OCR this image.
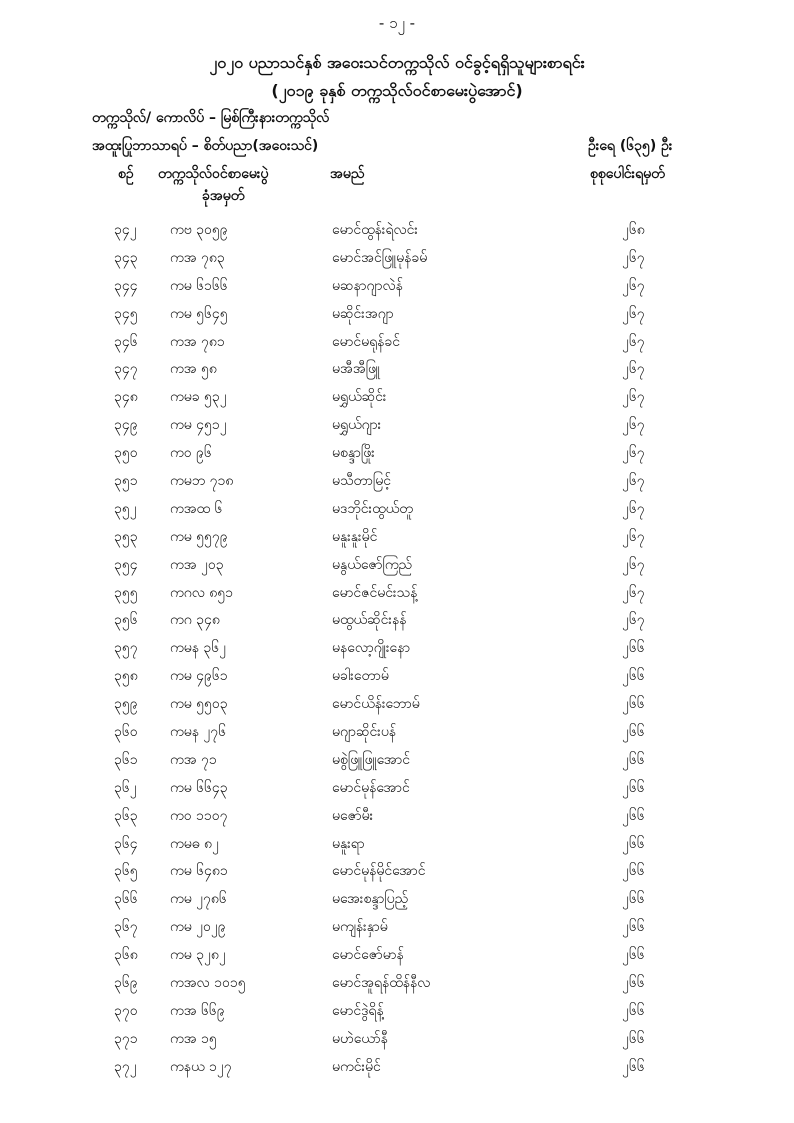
- ၁၂ -
၂၀၂၀ ပညာသင်နှစ် အဝေးသင်တက္ကသိုလ် ဝင်ခွင့်ရရှိသူများစာရင်း
(၂၀၁၉ ခုနှစ် တက္ကသိုလ်ဝင်စာမေးပွဲအောင်)
တက္ကသိုလ်/ ကောလိပ် – မြစ်ကြီးနားတက္ကသိုလ်
အထူးပြုဘာသာရပ် – စိတ်ပညာ(အဝေးသင်)	ဦးရေ (၆၃၅) ဦး
စဉ် တက္ကသိုလ်ဝင်စာမေးပွဲ
ခုံအမှတ်
အမည်	စုစုပေါင်းရမှတ်
၃၄၂ ကဗ ၃၀၅၉	မောင်ထွန်းရဲလင်း	၂၆၈
၃၄၃ ကအ ၇၈၃	မောင်အင်ဖြူမုန်ခမ်	၂၆၇
၃၄၄ ကမ ၆၁၆၆	မဆနာဂျာလဲန်	၂၆၇
၃၄၅ ကမ ၅၆၄၅	မဆိုင်းအဂျာ	၂၆၇
၃၄၆ ကအ ၇၈၁	မောင်မရုန်ခင်	၂၆၇
၃၄၇ ကအ ၅၈	မအီအီဖြူ	၂၆၇
၃၄၈ ကမခ ၅၃၂	မရွှယ်ဆိုင်း	၂၆၇
၃၄၉ ကမ ၄၅၁၂	မရွှယ်ဂျား	၂၆၇
၃၅၀ ကဝ ၉၆	မစန္ဒာဖြိုး	၂၆၇
၃၅၁ ကမဘ ၇၁၈	မသီတာမြင့်	၂၆၇
၃၅၂ ကအထ ၆	မဒဘိုင်းထွယ်တူ	၂၆၇
၃၅၃ ကမ ၅၅၇၉	မနူးနူးမိုင်	၂၆၇
၃၅၄ ကအ ၂၀၃	မနွယ်ဇော်ကြည်	၂၆၇
၃၅၅ ကဂလ ၈၅၁	မောင်ဇင်မင်းသန့်	၂၆၇
၃၅၆ ကဂ ၃၄၈	မထွယ်ဆိုင်းနန်	၂၆၇
၃၅၇ ကမန ၃၆၂	မနလော့ဂျိုးနော	၂၆၆
၃၅၈ ကမ ၄၉၆၁	မခါးတောမ်	၂၆၆
၃၅၉ ကမ ၅၅၀၃	မောင်ယိန်းဘောမ်	၂၆၆
၃၆၀ ကမန ၂၇၆	မဂျာဆိုင်းပန်	၂၆၆
၃၆၁ ကအ ၇၁	မစွဲဖြူဖြူအောင်	၂၆၆
၃၆၂ ကမ ၆၆၄၃	မောင်မုန်အောင်	၂၆၆
၃၆၃ ကဝ ၁၁၀၇	မဇော်မီး	၂၆၆
၃၆၄ ကမဓ ၈၂	မနူးရာ	၂၆၆
၃၆၅ ကမ ၆၄၈၁	မောင်မုန်မိုင်အောင်	၂၆၆
၃၆၆ ကမ ၂၇၈၆	မအေးစန္ဒာပြည့်	၂၆၆
၃၆၇ ကမ ၂၀၂၉	မကျန်းနှာမ်	၂၆၆
၃၆၈ ကမ ၃၂၈၂	မောင်ဇော်မာန်	၂၆၆
၃၆၉ ကအလ ၁၀၁၅	မောင်အူရန်ထိန်နီလ	၂၆၆
၃၇၀ ကအ ၆၆၉	မောင်ဒွဲရိန့်	၂၆၆
၃၇၁ ကအ ၁၅	မဟဲယော်နီ	၂၆၆
၃၇၂ ကနယ ၁၂၇	မကင်းမိုင်	၂၆၆
